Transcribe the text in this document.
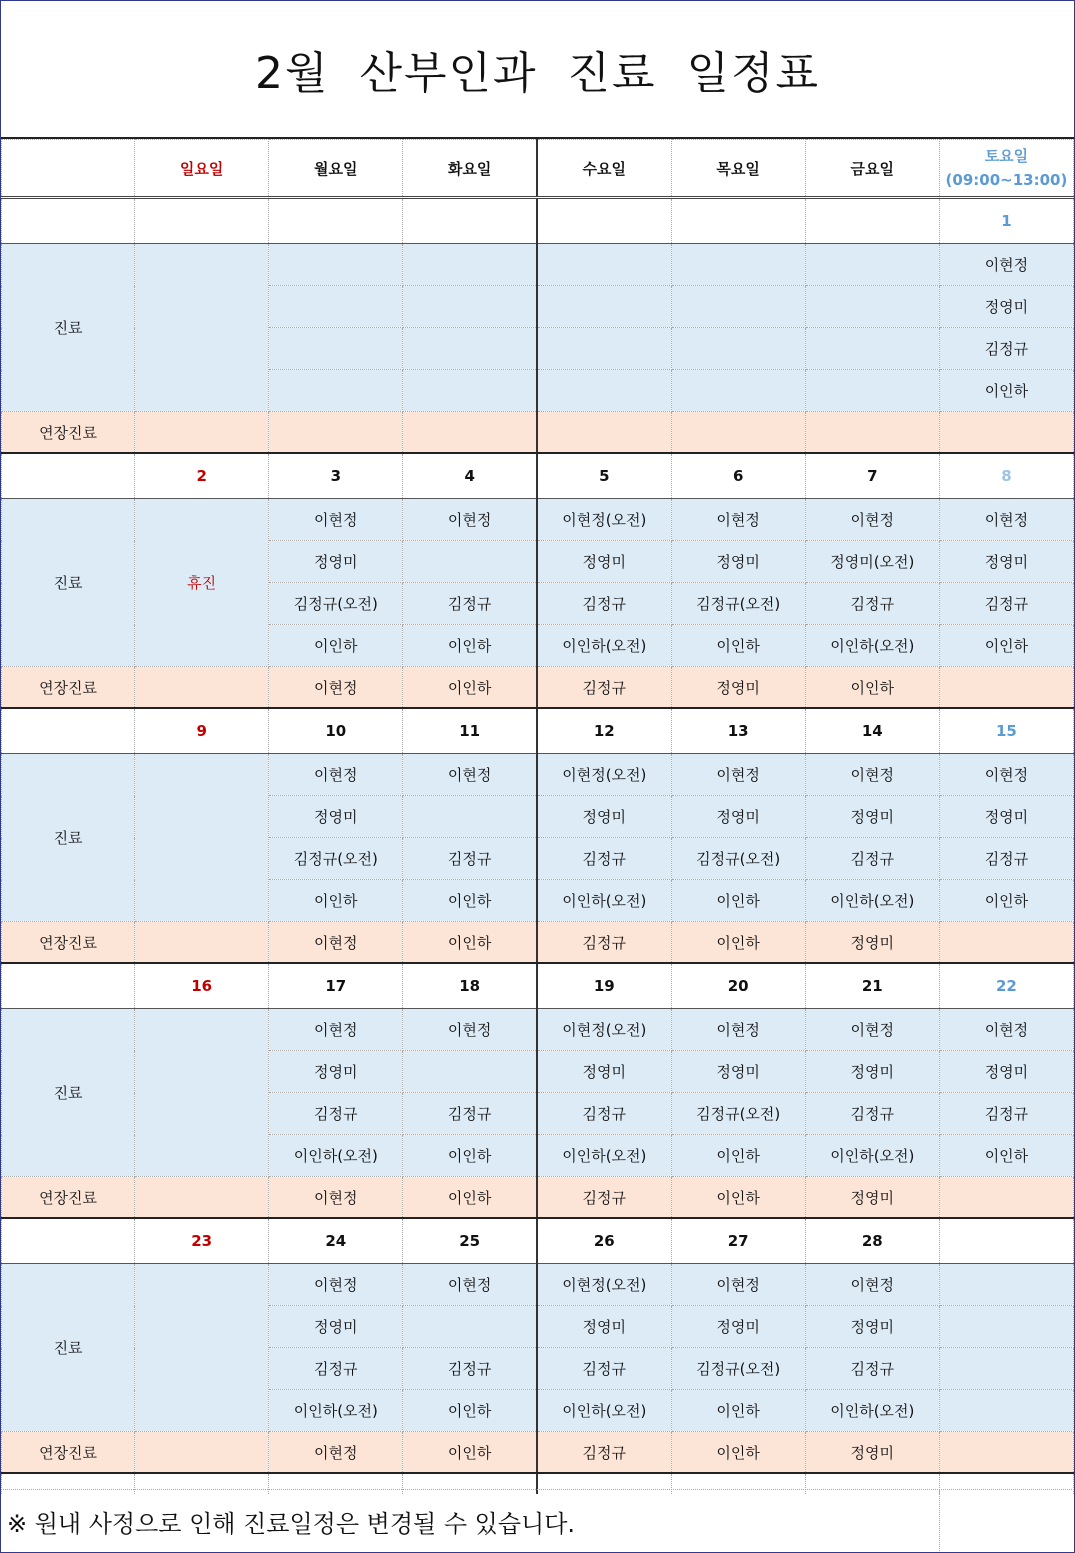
2월 산부인과 진료 일정표
	일요일	월요일	화요일	수요일	목요일	금요일	토요일
(09:00~13:00)

							1
진료							이현정
							정영미
							김정규
							이인하
연장진료							
	2	3	4	5	6	7	8
진료	휴진	이현정	이현정	이현정(오전)	이현정	이현정	이현정
		정영미		정영미	정영미	정영미(오전)	정영미
		김정규(오전)	김정규	김정규	김정규(오전)	김정규	김정규
		이인하	이인하	이인하(오전)	이인하	이인하(오전)	이인하
연장진료		이현정	이인하	김정규	정영미	이인하	
	9	10	11	12	13	14	15
진료		이현정	이현정	이현정(오전)	이현정	이현정	이현정
		정영미		정영미	정영미	정영미	정영미
		김정규(오전)	김정규	김정규	김정규(오전)	김정규	김정규
		이인하	이인하	이인하(오전)	이인하	이인하(오전)	이인하
연장진료		이현정	이인하	김정규	이인하	정영미	
	16	17	18	19	20	21	22
진료		이현정	이현정	이현정(오전)	이현정	이현정	이현정
		정영미		정영미	정영미	정영미	정영미
		김정규	김정규	김정규	김정규(오전)	김정규	김정규
		이인하(오전)	이인하	이인하(오전)	이인하	이인하(오전)	이인하
연장진료		이현정	이인하	김정규	이인하	정영미	
	23	24	25	26	27	28	
진료		이현정	이현정	이현정(오전)	이현정	이현정	
		정영미		정영미	정영미	정영미	
		김정규	김정규	김정규	김정규(오전)	김정규	
		이인하(오전)	이인하	이인하(오전)	이인하	이인하(오전)	
연장진료		이현정	이인하	김정규	이인하	정영미	

※ 원내 사정으로 인해 진료일정은 변경될 수 있습니다.
